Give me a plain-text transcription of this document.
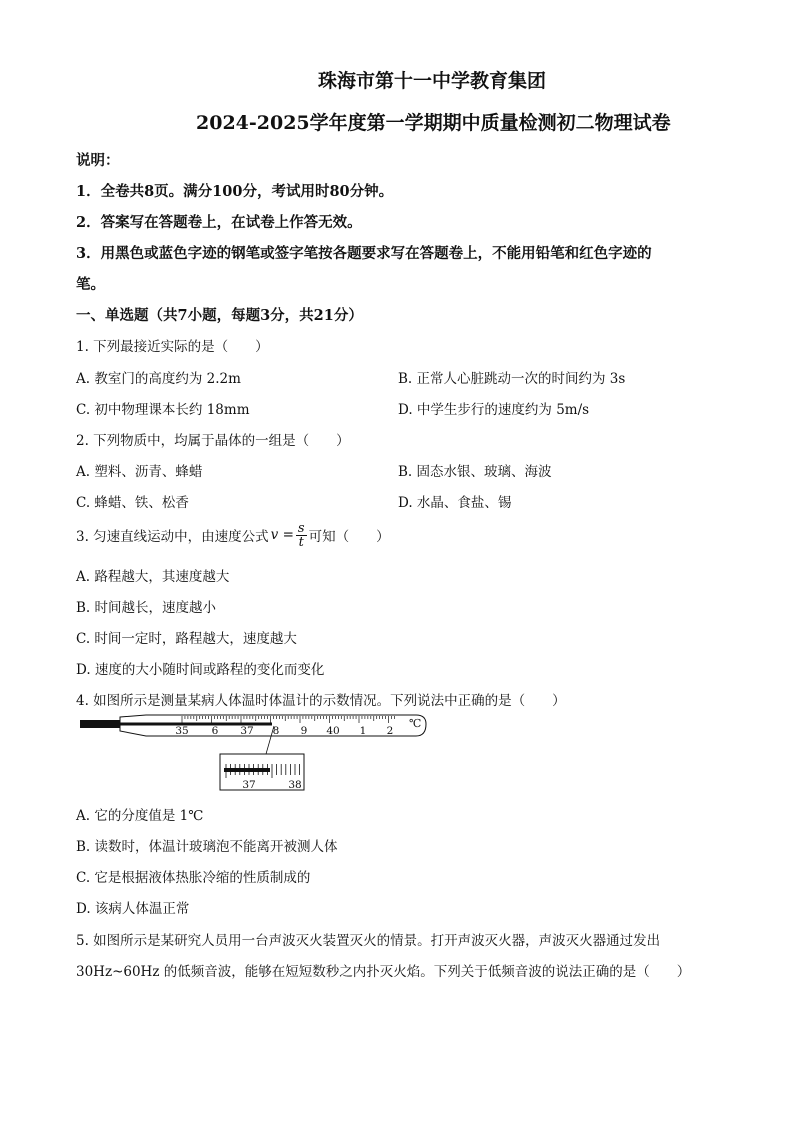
珠海市第十一中学教育集团
2024-2025学年度第一学期期中质量检测初二物理试卷
说明：
1．全卷共8页。满分100分，考试用时80分钟。
2．答案写在答题卷上，在试卷上作答无效。
3．用黑色或蓝色字迹的钢笔或签字笔按各题要求写在答题卷上，不能用铅笔和红色字迹的
笔。
一、单选题（共7小题，每题3分，共21分）
1. 下列最接近实际的是（　　）
A. 教室门的高度约为 2.2m	B. 正常人心脏跳动一次的时间约为 3s
C. 初中物理课本长约 18mm	D. 中学生步行的速度约为 5m/s
2. 下列物质中，均属于晶体的一组是（　　）
A. 塑料、沥青、蜂蜡	B. 固态水银、玻璃、海波
C. 蜂蜡、铁、松香	D. 水晶、食盐、锡
3. 匀速直线运动中，由速度公式 $v = \frac{s}{t}$ 可知（　　）
A. 路程越大，其速度越大
B. 时间越长，速度越小
C. 时间一定时，路程越大，速度越大
D. 速度的大小随时间或路程的变化而变化
4. 如图所示是测量某病人体温时体温计的示数情况。下列说法中正确的是（　　）
35 6 37 8 9 40 1 2
℃
37	38
A. 它的分度值是 1℃
B. 读数时，体温计玻璃泡不能离开被测人体
C. 它是根据液体热胀冷缩的性质制成的
D. 该病人体温正常
5. 如图所示是某研究人员用一台声波灭火装置灭火的情景。打开声波灭火器，声波灭火器通过发出
30Hz~60Hz 的低频音波，能够在短短数秒之内扑灭火焰。下列关于低频音波的说法正确的是（　　）
